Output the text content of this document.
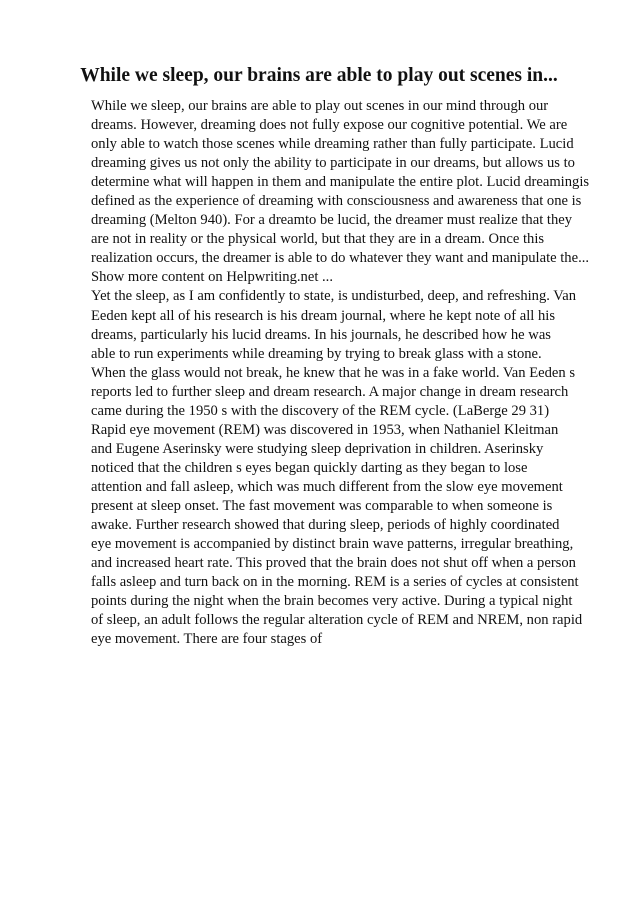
While we sleep, our brains are able to play out scenes in...
While we sleep, our brains are able to play out scenes in our mind through our
dreams. However, dreaming does not fully expose our cognitive potential. We are
only able to watch those scenes while dreaming rather than fully participate. Lucid
dreaming gives us not only the ability to participate in our dreams, but allows us to
determine what will happen in them and manipulate the entire plot. Lucid dreamingis
defined as the experience of dreaming with consciousness and awareness that one is
dreaming (Melton 940). For a dreamto be lucid, the dreamer must realize that they
are not in reality or the physical world, but that they are in a dream. Once this
realization occurs, the dreamer is able to do whatever they want and manipulate the...
Show more content on Helpwriting.net ...
Yet the sleep, as I am confidently to state, is undisturbed, deep, and refreshing. Van
Eeden kept all of his research is his dream journal, where he kept note of all his
dreams, particularly his lucid dreams. In his journals, he described how he was
able to run experiments while dreaming by trying to break glass with a stone.
When the glass would not break, he knew that he was in a fake world. Van Eeden s
reports led to further sleep and dream research. A major change in dream research
came during the 1950 s with the discovery of the REM cycle. (LaBerge 29 31)
Rapid eye movement (REM) was discovered in 1953, when Nathaniel Kleitman
and Eugene Aserinsky were studying sleep deprivation in children. Aserinsky
noticed that the children s eyes began quickly darting as they began to lose
attention and fall asleep, which was much different from the slow eye movement
present at sleep onset. The fast movement was comparable to when someone is
awake. Further research showed that during sleep, periods of highly coordinated
eye movement is accompanied by distinct brain wave patterns, irregular breathing,
and increased heart rate. This proved that the brain does not shut off when a person
falls asleep and turn back on in the morning. REM is a series of cycles at consistent
points during the night when the brain becomes very active. During a typical night
of sleep, an adult follows the regular alteration cycle of REM and NREM, non rapid
eye movement. There are four stages of
